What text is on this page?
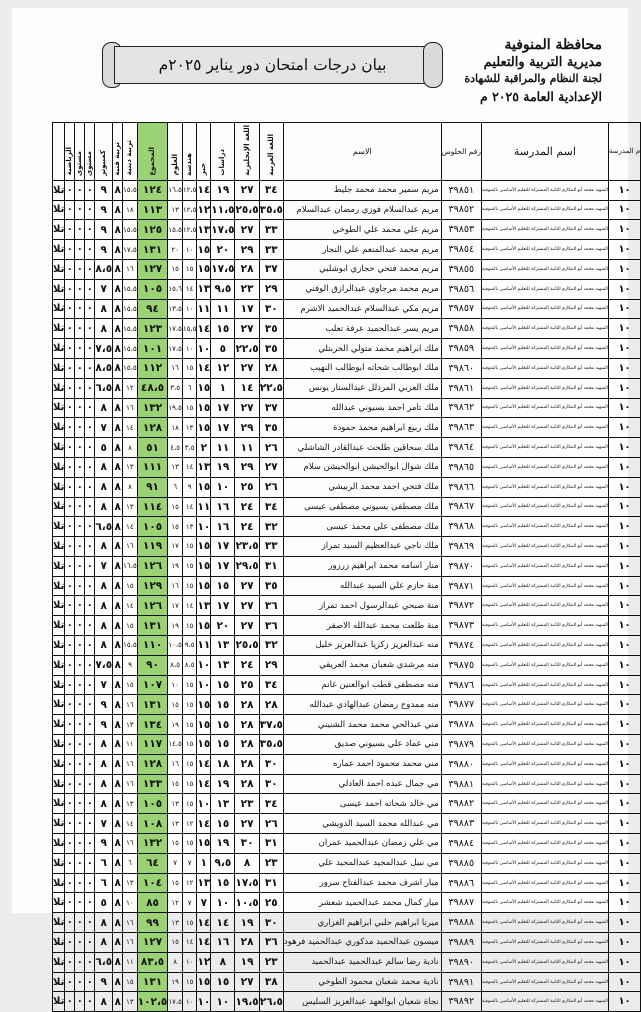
محافظة المنوفية
مديرية التربية والتعليم
لجنة النظام والمراقبة للشهادة
الإعدادية العامة ٢٠٢٥ م
بيان درجات امتحان دور يناير ٢٠٢٥م
م المدرسة	اسم المدرسة	رقم الجلوس	الاسم	اللغة العربية	اللغة الإنجليزية	دراسات	جبر	هندسة	العلوم	المجموع	تربية دينية	تربية فنية	كمبيوتر	مستوى	مستوى	الرياضية	
١٠	الشهيد محمد أبو المكارم الثانية المشتركة للتعليم الأساسي بالمنوفية	٣٩٨٥١	مريم سمير محمد محمد جليط	٣٤	٢٧	١٩	١٤	١٢،٥	١٦،٥	١٢٤	١٥،٥	٨	٩	٠	٠	٠	تلا
١٠	الشهيد محمد أبو المكارم الثانية المشتركة للتعليم الأساسي بالمنوفية	٣٩٨٥٢	مريم عبدالسلام فوزي رمضان عبدالسلام	٣٥،٥	٢٥،٥	١١،٥	١٢	١٢،٥	١٣	١١٣	١٨	٨	٩	٠	٠	٠	تلا
١٠	الشهيد محمد أبو المكارم الثانية المشتركة للتعليم الأساسي بالمنوفية	٣٩٨٥٣	مريم علي محمد علي الطوخي	٣٣	٢٧	١٧،٥	١٣	١٢،٥	١٥،٥	١٢٥	١٥،٥	٨	٩	٠	٠	٠	تلا
١٠	الشهيد محمد أبو المكارم الثانية المشتركة للتعليم الأساسي بالمنوفية	٣٩٨٥٤	مريم محمد عبدالمنعم علي النجار	٣٣	٢٩	٢٠	١٥	١٠	٢٠	١٣١	١٧،٥	٨	٩	٠	٠	٠	تلا
١٠	الشهيد محمد أبو المكارم الثانية المشتركة للتعليم الأساسي بالمنوفية	٣٩٨٥٥	مريم محمد فتحي حجازي ابوشلبي	٣٧	٢٨	١٧،٥	١٥	١٥	١٥	١٢٧	١٦	٨	٨،٥	٠	٠	٠	تلا
١٠	الشهيد محمد أبو المكارم الثانية المشتركة للتعليم الأساسي بالمنوفية	٣٩٨٥٦	مريم محمد مرجاوي عبدالرازق الوفني	٢٩	٢٣	٩،٥	١٣	١٤	١٥،٦	١٠٥	١٥،٥	٨	٧	٠	٠	٠	تلا
١٠	الشهيد محمد أبو المكارم الثانية المشتركة للتعليم الأساسي بالمنوفية	٣٩٨٥٧	مريم مكي عبدالسلام عبدالحميد الاشرم	٣٠	١٧	١١	١١	١٠	١٣،٥	٩٤	١٥،٥	٨	٨	٠	٠	٠	تلا
١٠	الشهيد محمد أبو المكارم الثانية المشتركة للتعليم الأساسي بالمنوفية	٣٩٨٥٨	مريم يسر عبدالحميد عرفة تعلب	٣٥	٢٧	١٥	١٤	١٥،٥	١٧،٥	١٢٣	١٥،٥	٨	٨	٠	٠	٠	تلا
١٠	الشهيد محمد أبو المكارم الثانية المشتركة للتعليم الأساسي بالمنوفية	٣٩٨٥٩	ملك ابراهيم محمد متولي الخربتلي	٣٥	٢٢،٥	٥	١٠	١٠	١٧،٥	١٠١	١٥،٥	٨	٧،٥	٠	٠	٠	تلا
١٠	الشهيد محمد أبو المكارم الثانية المشتركة للتعليم الأساسي بالمنوفية	٣٩٨٦٠	ملك ابوطالب شحاته ابوطالب النهيب	٢٨	٢٧	١٢	١٤	١٥	١٦	١١٢	١٥،٥	٨	٨،٥	٠	٠	٠	تلا
١٠	الشهيد محمد أبو المكارم الثانية المشتركة للتعليم الأساسي بالمنوفية	٣٩٨٦١	ملك العربي المرذلل عبدالستار يونس	٢٢،٥	١٤	١	١٥	٦	٣،٥	٤٨،٥	١٢	٨	٦،٥	٠	٠	٠	تلا
١٠	الشهيد محمد أبو المكارم الثانية المشتركة للتعليم الأساسي بالمنوفية	٣٩٨٦٢	ملك تامر احمد بسيوني عبدالله	٣٧	٢٧	١٧	١٥	١٥	١٩،٥	١٣٢	١٦	٨	٨	٠	٠	٠	تلا
١٠	الشهيد محمد أبو المكارم الثانية المشتركة للتعليم الأساسي بالمنوفية	٣٩٨٦٣	ملك ربيع ابراهيم محمد حمودة	٣٥	٢٩	١٧	١٥	١٣	١٨	١٢٨	١٤	٨	٧	٠	٠	٠	تلا
١٠	الشهيد محمد أبو المكارم الثانية المشتركة للتعليم الأساسي بالمنوفية	٣٩٨٦٤	ملك سحاقين طلحت عبدالقادر الشاشلي	٢٦	١١	١١	٢	٣،٥	٤،٥	٥١	٨	٨	٥	٠	٠	٠	تلا
١٠	الشهيد محمد أبو المكارم الثانية المشتركة للتعليم الأساسي بالمنوفية	٣٩٨٦٥	ملك شوال ابوالحيشن ابوالحيشن سلام	٢٧	٢٩	١٩	١٣	١٤	١٣	١١١	١٣	٨	٨	٠	٠	٠	تلا
١٠	الشهيد محمد أبو المكارم الثانية المشتركة للتعليم الأساسي بالمنوفية	٣٩٨٦٦	ملك فتحي احمد محمد الربيشي	٢٦	٢٥	١٠	١٥	٩	٦	٩١	٨	٨	٨	٠	٠	٠	تلا
١٠	الشهيد محمد أبو المكارم الثانية المشتركة للتعليم الأساسي بالمنوفية	٣٩٨٦٧	ملك مصطفى بسيوني مصطفى عيسى	٣٤	٢٤	١٦	١١	١٤	١٥	١١٤	١٣	٨	٨	٠	٠	٠	تلا
١٠	الشهيد محمد أبو المكارم الثانية المشتركة للتعليم الأساسي بالمنوفية	٣٩٨٦٨	ملك مصطفى علي محمد عيسى	٣٢	٢٤	١٦	١٠	١٣	١٥	١٠٥	١٤	٨	٦،٥	٠	٠	٠	تلا
١٠	الشهيد محمد أبو المكارم الثانية المشتركة للتعليم الأساسي بالمنوفية	٣٩٨٦٩	ملك ناجي عبدالعظيم السيد تمراز	٣٣	٢٣،٥	١٧	١٥	١٥	١٧	١١٩	١٦	٨	٨	٠	٠	٠	تلا
١٠	الشهيد محمد أبو المكارم الثانية المشتركة للتعليم الأساسي بالمنوفية	٣٩٨٧٠	منار اسامه محمد ابراهيم زرزور	٣١	٢٩،٥	١٧	١٥	١٥	١٩	١٢٦	١٦،٥	٨	٧	٠	٠	٠	تلا
١٠	الشهيد محمد أبو المكارم الثانية المشتركة للتعليم الأساسي بالمنوفية	٣٩٨٧١	منة حازم علي السيد عبدالله	٣٥	٢٧	١٥	١٥	١٥	١٦	١٢٩	١٥	٨	٨	٠	٠	٠	تلا
١٠	الشهيد محمد أبو المكارم الثانية المشتركة للتعليم الأساسي بالمنوفية	٣٩٨٧٢	منة صبحي عبدالرسول احمد تمراز	٣٦	٢٧	١٧	١٣	١٤	١٧	١٢٦	١٤	٨	٨	٠	٠	٠	تلا
١٠	الشهيد محمد أبو المكارم الثانية المشتركة للتعليم الأساسي بالمنوفية	٣٩٨٧٣	منة طلعت محمد عبدالله الاصفر	٣٦	٢٧	٢٠	١٥	١٥	١٩	١٣١	١٥	٨	٨	٠	٠	٠	تلا
١٠	الشهيد محمد أبو المكارم الثانية المشتركة للتعليم الأساسي بالمنوفية	٣٩٨٧٤	منه عبدالعزيز زكريا عبدالعزيز خليل	٣٢	٢٥،٥	١٣	١١	٩،٥	١٠،٥	١١٠	١٥،٥	٨	٨	٠	٠	٠	تلا
١٠	الشهيد محمد أبو المكارم الثانية المشتركة للتعليم الأساسي بالمنوفية	٣٩٨٧٥	منه مرشدي شعبان محمد العريقي	٢٩	٢٤	١٣	١٠	٨،٥	٨،٥	٩٠	٩	٨	٧،٥	٠	٠	٠	تلا
١٠	الشهيد محمد أبو المكارم الثانية المشتركة للتعليم الأساسي بالمنوفية	٣٩٨٧٦	منه مصطفى قطب ابوالعنين غانم	٣٤	٢٥	١٥	١٠	١٥	١٠	١٠٧	١٥	٨	٧	٠	٠	٠	تلا
١٠	الشهيد محمد أبو المكارم الثانية المشتركة للتعليم الأساسي بالمنوفية	٣٩٨٧٧	منه ممدوح رمضان عبدالهادي عبدالله	٢٨	٢٨	١٥	١٥	١٥	١٥	١٣١	١٦	٨	٩	٠	٠	٠	تلا
١٠	الشهيد محمد أبو المكارم الثانية المشتركة للتعليم الأساسي بالمنوفية	٣٩٨٧٨	مني عبدالحي محمد محمد الشنيني	٣٧،٥	٢٨	١٥	١٥	١٥	١٩	١٣٤	١٣	٨	٩	٠	٠	٠	تلا
١٠	الشهيد محمد أبو المكارم الثانية المشتركة للتعليم الأساسي بالمنوفية	٣٩٨٧٩	مني عماد علي بسيوني صديق	٣٥،٥	٢٨	١٥	١٥	١٥	١٤،٥	١١٧	١١	٨	٨	٠	٠	٠	تلا
١٠	الشهيد محمد أبو المكارم الثانية المشتركة للتعليم الأساسي بالمنوفية	٣٩٨٨٠	مني محمد محمود احمد عماره	٣٠	٢٨	١٨	١٤	١٥	١٦	١٢٨	١٦	٨	٨	٠	٠	٠	تلا
١٠	الشهيد محمد أبو المكارم الثانية المشتركة للتعليم الأساسي بالمنوفية	٣٩٨٨١	مي جمال عبده احمد العادلي	٣٠	٢٨	١٩	١٤	١٥	١٥	١٣٣	١٦	٨	٨	٠	٠	٠	تلا
١٠	الشهيد محمد أبو المكارم الثانية المشتركة للتعليم الأساسي بالمنوفية	٣٩٨٨٢	مي خالد شحاته احمد عيسى	٣٤	٢٣	١٣	١٠	١٥	١٣	١٠٥	١٣	٨	٨	٠	٠	٠	تلا
١٠	الشهيد محمد أبو المكارم الثانية المشتركة للتعليم الأساسي بالمنوفية	٣٩٨٨٣	مي عبدالله محمد السيد الدويشي	٢٦	٢٧	١٥	١٤	١٢	١٣	١٠٨	١٤	٨	٧	٠	٠	٠	تلا
١٠	الشهيد محمد أبو المكارم الثانية المشتركة للتعليم الأساسي بالمنوفية	٣٩٨٨٤	مي علي رمضان عبدالحميد عمران	٣١	٣٠	١٩	١٥	١٥	١٥	١٣٢	١٦	٨	٩	٠	٠	٠	تلا
١٠	الشهيد محمد أبو المكارم الثانية المشتركة للتعليم الأساسي بالمنوفية	٣٩٨٨٥	مي نبيل عبدالمجيد عبدالمجيد علي	٢٣	٨	٩،٥	١	٧	٧	٦٤	٦	٨	٦	٠	٠	٠	تلا
١٠	الشهيد محمد أبو المكارم الثانية المشتركة للتعليم الأساسي بالمنوفية	٣٩٨٨٦	ميار اشرف محمد عبدالفتاح سرور	٣١	١٧،٥	١٥	١٣	١٢	١٥	١٠٤	١٣	٨	٦	٠	٠	٠	تلا
١٠	الشهيد محمد أبو المكارم الثانية المشتركة للتعليم الأساسي بالمنوفية	٣٩٨٨٧	ميار كمال محمد عبدالحميد شعشر	٢٥	١٠،٥	١٠	٧	٧	١٢	٨٥	١٠	٨	٥	٠	٠	٠	تلا
١٠	الشهيد محمد أبو المكارم الثانية المشتركة للتعليم الأساسي بالمنوفية	٣٩٨٨٨	ميرنا ابراهيم حلبي ابراهيم الغزاري	٣٠	١٩	١٤	١٤	١٥	١٣	٩٩	١٦	٨	٨	٠	٠	٠	تلا
١٠	الشهيد محمد أبو المكارم الثانية المشتركة للتعليم الأساسي بالمنوفية	٣٩٨٨٩	ميسون عبدالحميد مدكوري عبدالحميد فرهود	٣٦	٢٨	١٦	١٤	١٤	١٥	١٢٧	١٦	٨	٨	٠	٠	٠	تلا
١٠	الشهيد محمد أبو المكارم الثانية المشتركة للتعليم الأساسي بالمنوفية	٣٩٨٩٠	نادية رضا سالم عبدالحميد عبدالحميد	٢٣	١٩	٨	١٢	١٠	٨	٨٣،٥	١١	٨	٦،٥	٠	٠	٠	تلا
١٠	الشهيد محمد أبو المكارم الثانية المشتركة للتعليم الأساسي بالمنوفية	٣٩٨٩١	نادية محمد شعبان محمود الطوخي	٣٨	٢٧	١٥	١٥	١٥	١٩	١٣١	١٥	٨	٩	٠	٠	٠	تلا
١٠	الشهيد محمد أبو المكارم الثانية المشتركة للتعليم الأساسي بالمنوفية	٣٩٨٩٢	نجاة شعبان ابوالعهد عبدالعزيز السليس	٢٦،٥	١٩،٥	١٠	١٠	١٠	١٧،٥	١٠٢،٥	١٣	٨	٨	٠	٠	٠	تلا
